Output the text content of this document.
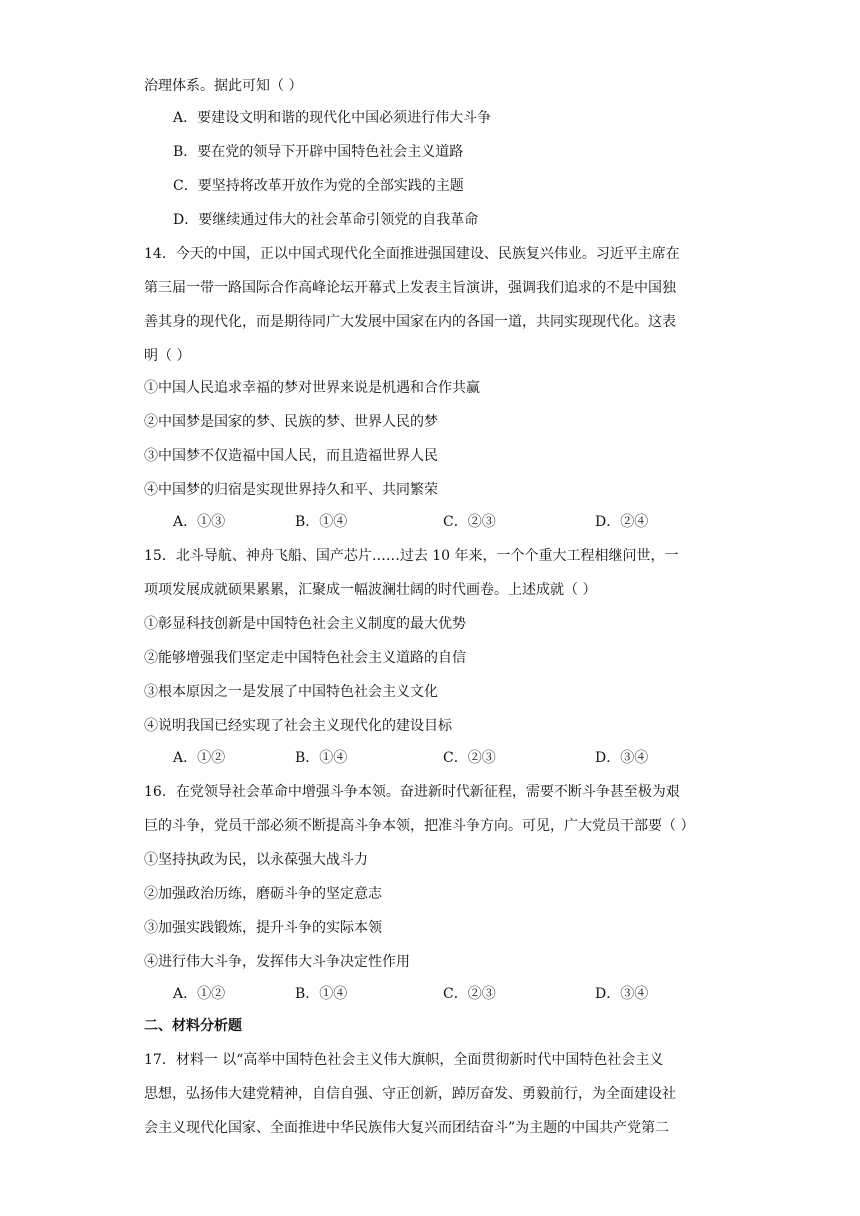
治理体系。据此可知（ ）
A．要建设文明和谐的现代化中国必须进行伟大斗争
B．要在党的领导下开辟中国特色社会主义道路
C．要坚持将改革开放作为党的全部实践的主题
D．要继续通过伟大的社会革命引领党的自我革命
14．今天的中国，正以中国式现代化全面推进强国建设、民族复兴伟业。习近平主席在
第三届一带一路国际合作高峰论坛开幕式上发表主旨演讲，强调我们追求的不是中国独
善其身的现代化，而是期待同广大发展中国家在内的各国一道，共同实现现代化。这表
明（ ）
①中国人民追求幸福的梦对世界来说是机遇和合作共赢
②中国梦是国家的梦、民族的梦、世界人民的梦
③中国梦不仅造福中国人民，而且造福世界人民
④中国梦的归宿是实现世界持久和平、共同繁荣
A．①③	B．①④	C．②③	D．②④
15．北斗导航、神舟飞船、国产芯片……过去 10 年来，一个个重大工程相继问世，一
项项发展成就硕果累累，汇聚成一幅波澜壮阔的时代画卷。上述成就（ ）
①彰显科技创新是中国特色社会主义制度的最大优势
②能够增强我们坚定走中国特色社会主义道路的自信
③根本原因之一是发展了中国特色社会主义文化
④说明我国已经实现了社会主义现代化的建设目标
A．①②	B．①④	C．②③	D．③④
16．在党领导社会革命中增强斗争本领。奋进新时代新征程，需要不断斗争甚至极为艰
巨的斗争，党员干部必须不断提高斗争本领，把准斗争方向。可见，广大党员干部要（ ）
①坚持执政为民，以永葆强大战斗力
②加强政治历练，磨砺斗争的坚定意志
③加强实践锻炼，提升斗争的实际本领
④进行伟大斗争，发挥伟大斗争决定性作用
A．①②	B．①④	C．②③	D．③④
二、材料分析题
17．材料一 以“高举中国特色社会主义伟大旗帜，全面贯彻新时代中国特色社会主义
思想，弘扬伟大建党精神，自信自强、守正创新，踔厉奋发、勇毅前行，为全面建设社
会主义现代化国家、全面推进中华民族伟大复兴而团结奋斗”为主题的中国共产党第二
